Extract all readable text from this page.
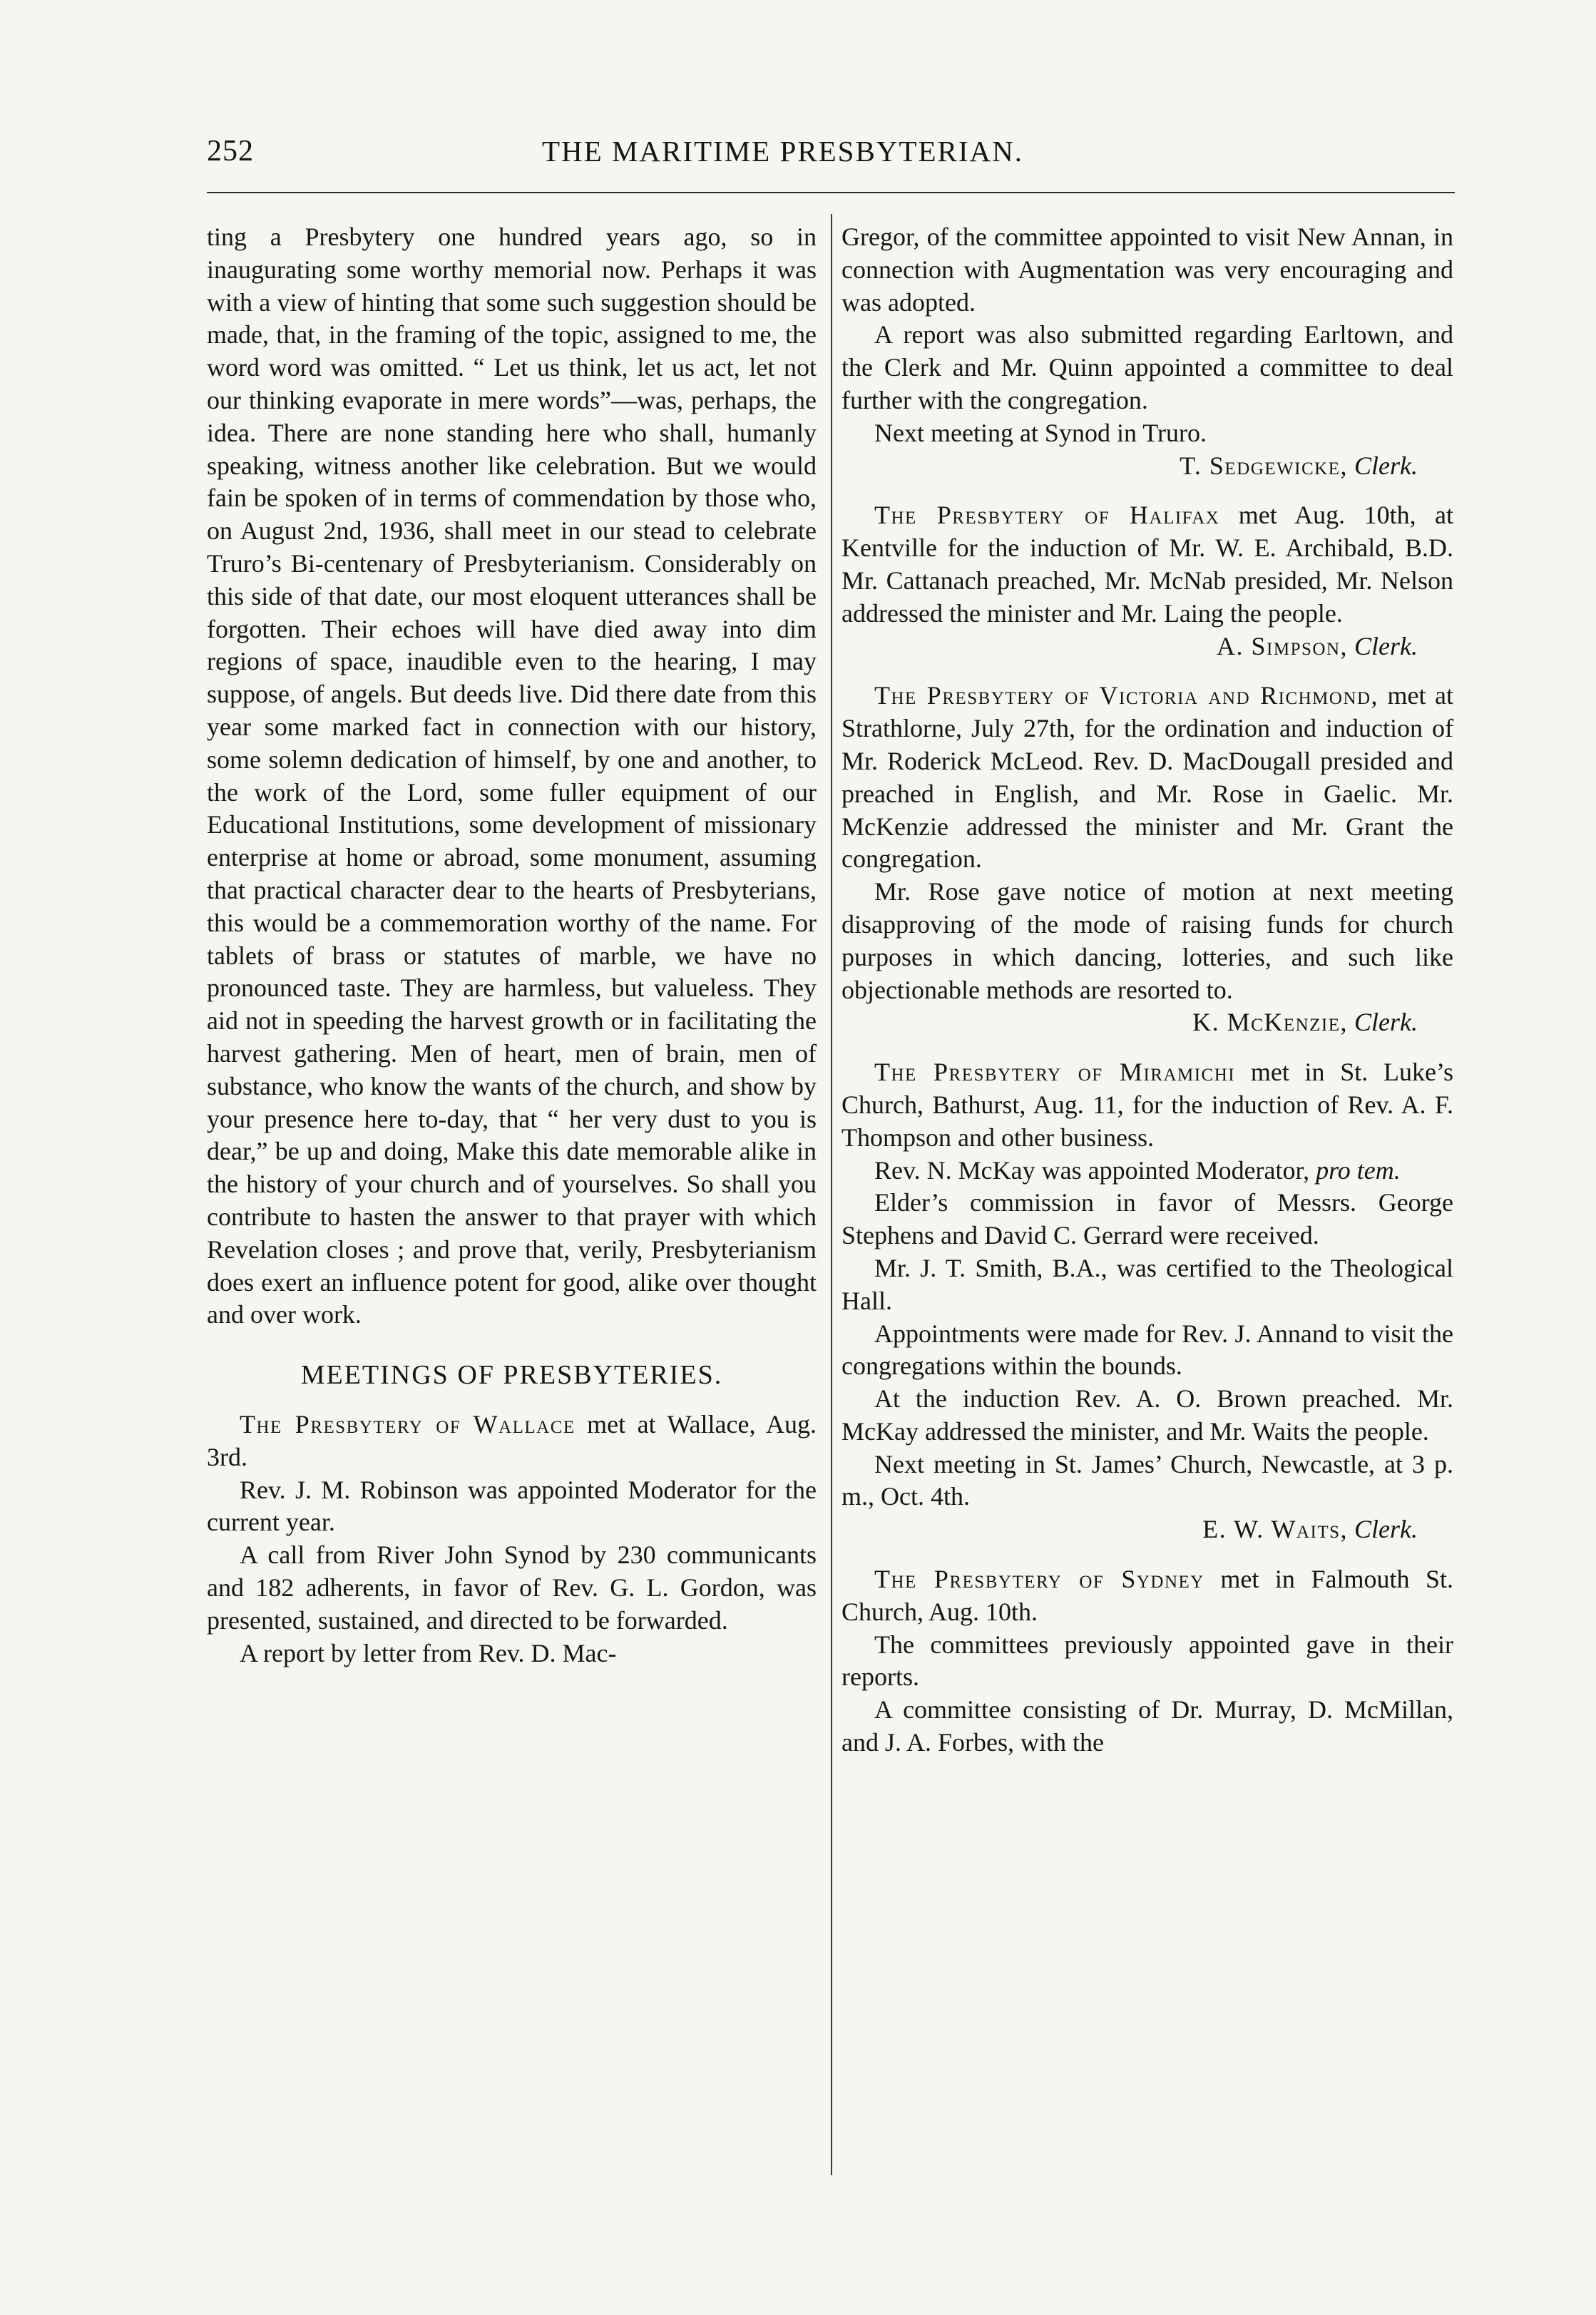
252	THE MARITIME PRESBYTERIAN.

ting a Presbytery one hundred years ago, so in inaugurating some worthy memorial now. Perhaps it was with a view of hinting that some such suggestion should be made, that, in the framing of the topic, assigned to me, the word word was omitted. “ Let us think, let us act, let not our thinking evaporate in mere words”—was, perhaps, the idea. There are none standing here who shall, humanly speaking, witness another like celebration. But we would fain be spoken of in terms of commendation by those who, on August 2nd, 1936, shall meet in our stead to celebrate Truro’s Bi-centenary of Presbyterianism. Considerably on this side of that date, our most eloquent utterances shall be forgotten. Their echoes will have died away into dim regions of space, inaudible even to the hearing, I may suppose, of angels. But deeds live. Did there date from this year some marked fact in connection with our history, some solemn dedication of himself, by one and another, to the work of the Lord, some fuller equipment of our Educational Institutions, some development of missionary enterprise at home or abroad, some monument, assuming that practical character dear to the hearts of Presbyterians, this would be a commemoration worthy of the name. For tablets of brass or statutes of marble, we have no pronounced taste. They are harmless, but valueless. They aid not in speeding the harvest growth or in facilitating the harvest gathering. Men of heart, men of brain, men of substance, who know the wants of the church, and show by your presence here to-day, that “ her very dust to you is dear,” be up and doing, Make this date memorable alike in the history of your church and of yourselves. So shall you contribute to hasten the answer to that prayer with which Revelation closes ; and prove that, verily, Presbyterianism does exert an influence potent for good, alike over thought and over work.

MEETINGS OF PRESBYTERIES.

The Presbytery of Wallace met at Wallace, Aug. 3rd.

Rev. J. M. Robinson was appointed Moderator for the current year.

A call from River John Synod by 230 communicants and 182 adherents, in favor of Rev. G. L. Gordon, was presented, sustained, and directed to be forwarded.

A report by letter from Rev. D. Mac-

Gregor, of the committee appointed to visit New Annan, in connection with Augmentation was very encouraging and was adopted.

A report was also submitted regarding Earltown, and the Clerk and Mr. Quinn appointed a committee to deal further with the congregation.

Next meeting at Synod in Truro.

T. Sedgewicke, Clerk.

The Presbytery of Halifax met Aug. 10th, at Kentville for the induction of Mr. W. E. Archibald, B.D. Mr. Cattanach preached, Mr. McNab presided, Mr. Nelson addressed the minister and Mr. Laing the people.

A. Simpson, Clerk.

The Presbytery of Victoria and Richmond, met at Strathlorne, July 27th, for the ordination and induction of Mr. Roderick McLeod. Rev. D. MacDougall presided and preached in English, and Mr. Rose in Gaelic. Mr. McKenzie addressed the minister and Mr. Grant the congregation.

Mr. Rose gave notice of motion at next meeting disapproving of the mode of raising funds for church purposes in which dancing, lotteries, and such like objectionable methods are resorted to.

K. McKenzie, Clerk.

The Presbytery of Miramichi met in St. Luke’s Church, Bathurst, Aug. 11, for the induction of Rev. A. F. Thompson and other business.

Rev. N. McKay was appointed Moderator, pro tem.

Elder’s commission in favor of Messrs. George Stephens and David C. Gerrard were received.

Mr. J. T. Smith, B.A., was certified to the Theological Hall.

Appointments were made for Rev. J. Annand to visit the congregations within the bounds.

At the induction Rev. A. O. Brown preached. Mr. McKay addressed the minister, and Mr. Waits the people.

Next meeting in St. James’ Church, Newcastle, at 3 p. m., Oct. 4th.

E. W. Waits, Clerk.

The Presbytery of Sydney met in Falmouth St. Church, Aug. 10th.

The committees previously appointed gave in their reports.

A committee consisting of Dr. Murray, D. McMillan, and J. A. Forbes, with the
